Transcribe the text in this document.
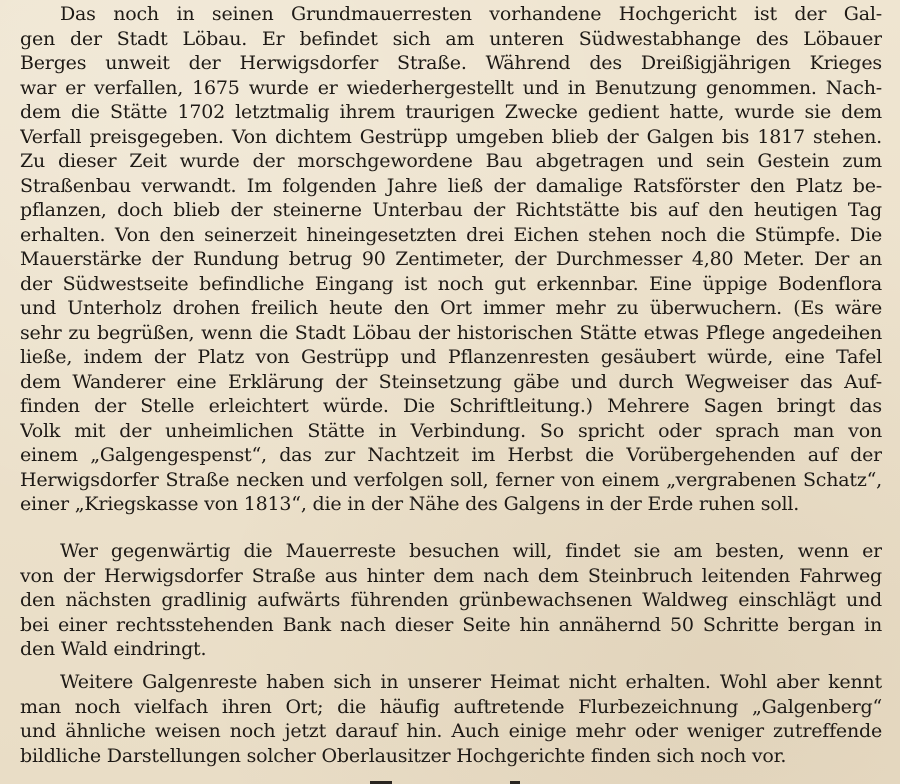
Das noch in seinen Grundmauerresten vorhandene Hochgericht ist der Gal-
gen der Stadt Löbau. Er befindet sich am unteren Südwestabhange des Löbauer
Berges unweit der Herwigsdorfer Straße. Während des Dreißigjährigen Krieges
war er verfallen, 1675 wurde er wiederhergestellt und in Benutzung genommen. Nach-
dem die Stätte 1702 letztmalig ihrem traurigen Zwecke gedient hatte, wurde sie dem
Verfall preisgegeben. Von dichtem Gestrüpp umgeben blieb der Galgen bis 1817 stehen.
Zu dieser Zeit wurde der morschgewordene Bau abgetragen und sein Gestein zum
Straßenbau verwandt. Im folgenden Jahre ließ der damalige Ratsförster den Platz be-
pflanzen, doch blieb der steinerne Unterbau der Richtstätte bis auf den heutigen Tag
erhalten. Von den seinerzeit hineingesetzten drei Eichen stehen noch die Stümpfe. Die
Mauerstärke der Rundung betrug 90 Zentimeter, der Durchmesser 4,80 Meter. Der an
der Südwestseite befindliche Eingang ist noch gut erkennbar. Eine üppige Bodenflora
und Unterholz drohen freilich heute den Ort immer mehr zu überwuchern. (Es wäre
sehr zu begrüßen, wenn die Stadt Löbau der historischen Stätte etwas Pflege angedeihen
ließe, indem der Platz von Gestrüpp und Pflanzenresten gesäubert würde, eine Tafel
dem Wanderer eine Erklärung der Steinsetzung gäbe und durch Wegweiser das Auf-
finden der Stelle erleichtert würde. Die Schriftleitung.) Mehrere Sagen bringt das
Volk mit der unheimlichen Stätte in Verbindung. So spricht oder sprach man von
einem „Galgengespenst“, das zur Nachtzeit im Herbst die Vorübergehenden auf der
Herwigsdorfer Straße necken und verfolgen soll, ferner von einem „vergrabenen Schatz“,
einer „Kriegskasse von 1813“, die in der Nähe des Galgens in der Erde ruhen soll.
Wer gegenwärtig die Mauerreste besuchen will, findet sie am besten, wenn er
von der Herwigsdorfer Straße aus hinter dem nach dem Steinbruch leitenden Fahrweg
den nächsten gradlinig aufwärts führenden grünbewachsenen Waldweg einschlägt und
bei einer rechtsstehenden Bank nach dieser Seite hin annähernd 50 Schritte bergan in
den Wald eindringt.
Weitere Galgenreste haben sich in unserer Heimat nicht erhalten. Wohl aber kennt
man noch vielfach ihren Ort; die häufig auftretende Flurbezeichnung „Galgenberg“
und ähnliche weisen noch jetzt darauf hin. Auch einige mehr oder weniger zutreffende
bildliche Darstellungen solcher Oberlausitzer Hochgerichte finden sich noch vor.
